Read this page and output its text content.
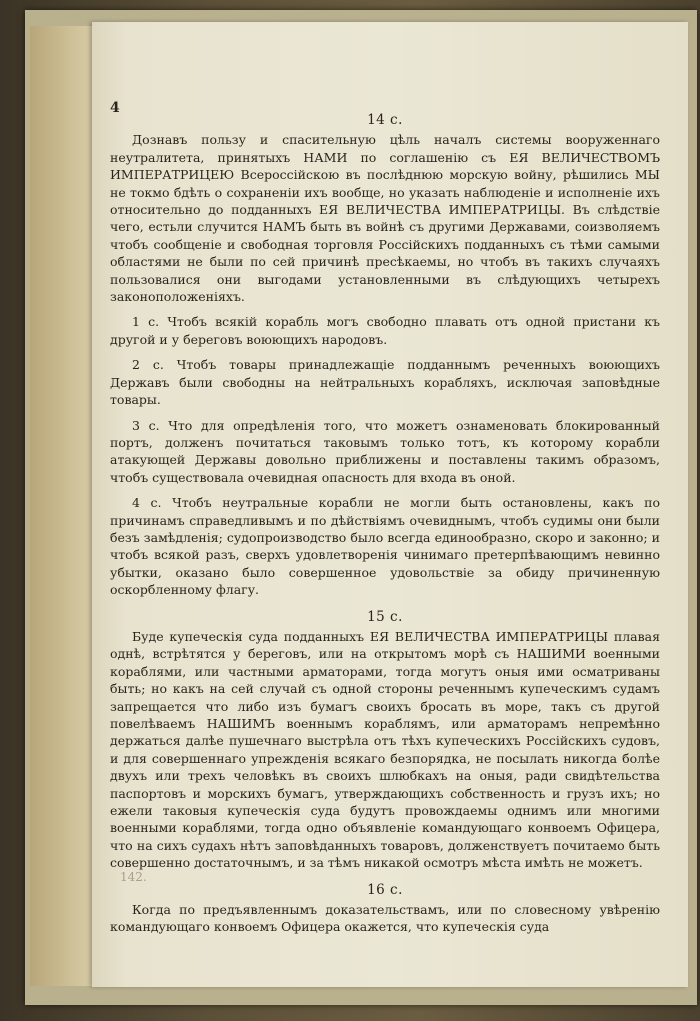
4
14 с.

Дознавъ пользу и спасительную цѣль началъ системы вооруженнаго неутралитета, принятыхъ НАМИ по соглашенію съ ЕЯ ВЕЛИЧЕСТВОМЪ ИМПЕРАТРИЦЕЮ Всероссійскою въ послѣднюю морскую войну, рѣшились МЫ не токмо бдѣть о сохраненіи ихъ вообще, но указать наблюденіе и исполненіе ихъ относительно до подданныхъ ЕЯ ВЕЛИЧЕСТВА ИМПЕРАТРИЦЫ. Въ слѣдствіе чего, естьли случится НАМЪ быть въ войнѣ съ другими Державами, соизволяемъ чтобъ сообщеніе и свободная торговля Россійскихъ подданныхъ съ тѣми самыми областями не были по сей причинѣ пресѣкаемы, но чтобъ въ такихъ случаяхъ пользовалися они выгодами установленными въ слѣдующихъ четырехъ законоположеніяхъ.

1 с. Чтобъ всякій корабль могъ свободно плавать отъ одной пристани къ другой и у береговъ воюющихъ народовъ.

2 с. Чтобъ товары принадлежащіе подданнымъ реченныхъ воюющихъ Державъ были свободны на нейтральныхъ корабляхъ, исключая заповѣдные товары.

3 с. Что для опредѣленія того, что можетъ ознаменовать блокированный портъ, долженъ почитаться таковымъ только тотъ, къ которому корабли атакующей Державы довольно приближены и поставлены такимъ образомъ, чтобъ существовала очевидная опасность для входа въ оной.

4 с. Чтобъ неутральные корабли не могли быть остановлены, какъ по причинамъ справедливымъ и по дѣйствіямъ очевиднымъ, чтобъ судимы они были безъ замѣдленія; судопроизводство было всегда единообразно, скоро и законно; и чтобъ всякой разъ, сверхъ удовлетворенія чинимаго претерпѣвающимъ невинно убытки, оказано было совершенное удовольствіе за обиду причиненную оскорбленному флагу.

15 с.

Буде купеческія суда подданныхъ ЕЯ ВЕЛИЧЕСТВА ИМПЕРАТРИЦЫ плавая однѣ, встрѣтятся у береговъ, или на открытомъ морѣ съ НАШИМИ военными кораблями, или частными арматорами, тогда могутъ оныя ими осматриваны быть; но какъ на сей случай съ одной стороны реченнымъ купеческимъ судамъ запрещается что либо изъ бумагъ своихъ бросать въ море, такъ съ другой повелѣваемъ НАШИМЪ военнымъ кораблямъ, или арматорамъ непремѣнно держаться далѣе пушечнаго выстрѣла отъ тѣхъ купеческихъ Россійскихъ судовъ, и для совершеннаго упрежденія всякаго безпорядка, не посылать никогда болѣе двухъ или трехъ человѣкъ въ своихъ шлюбкахъ на оныя, ради свидѣтельства паспортовъ и морскихъ бумагъ, утверждающихъ собственность и грузъ ихъ; но ежели таковыя купеческія суда будутъ провождаемы однимъ или многими военными кораблями, тогда одно объявленіе командующаго конвоемъ Офицера, что на сихъ судахъ нѣтъ заповѣданныхъ товаровъ, долженствуетъ почитаемо быть совершенно достаточнымъ, и за тѣмъ никакой осмотръ мѣста имѣть не можетъ.

16 с.

Когда по предъявленнымъ доказательствамъ, или по словесному увѣренію командующаго конвоемъ Офицера окажется, что купеческія суда

142.
